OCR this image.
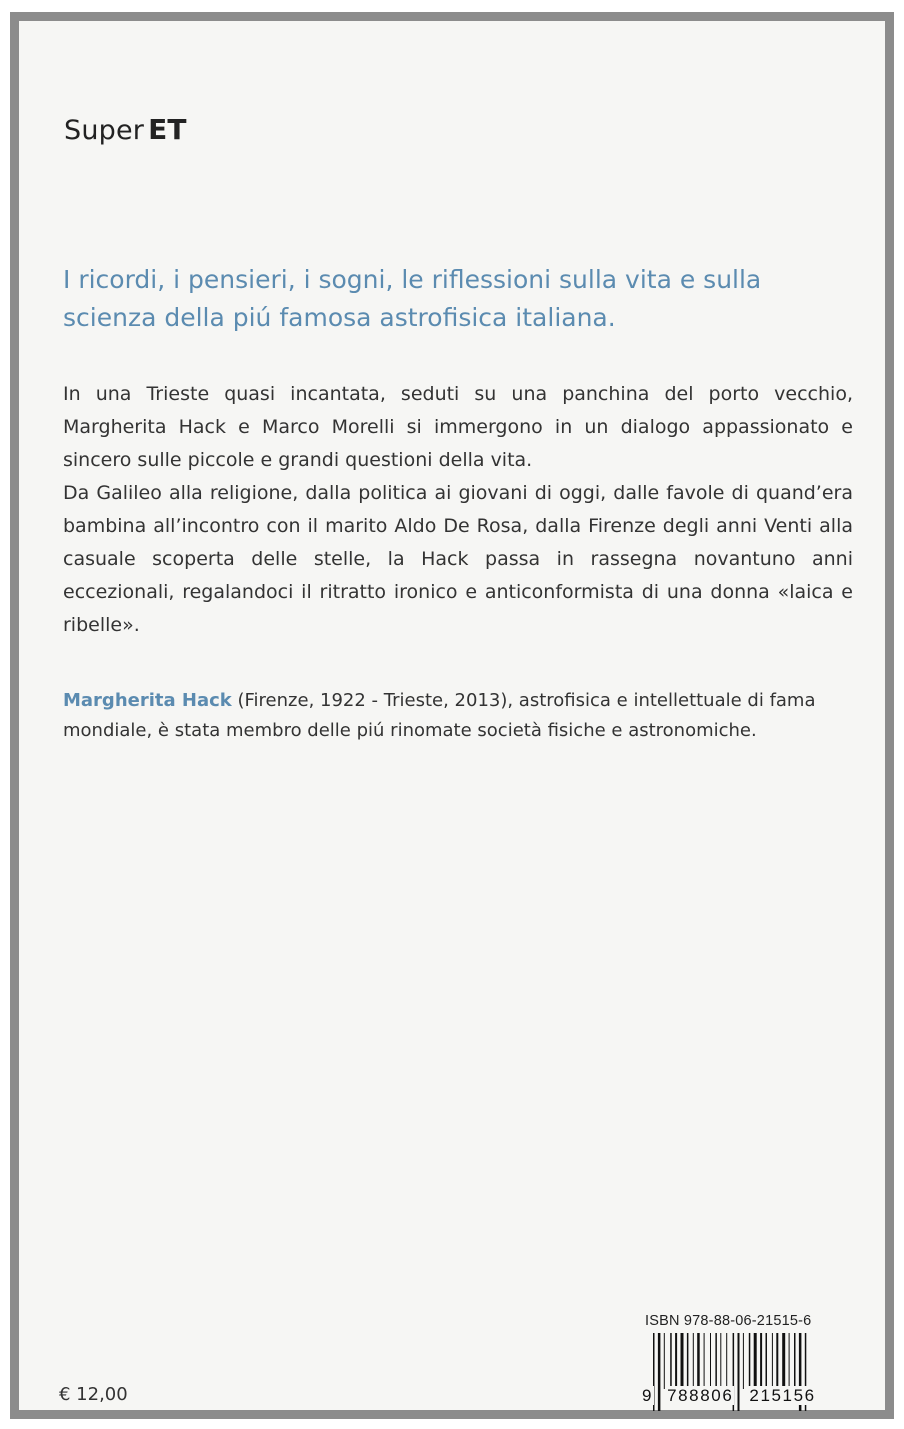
Super ET
I ricordi, i pensieri, i sogni, le riflessioni sulla vita e sulla scienza della piú famosa astrofisica italiana.

In una Trieste quasi incantata, seduti su una panchina del porto vecchio, Margherita Hack e Marco Morelli si immergono in un dialogo appassionato e sincero sulle piccole e grandi questioni della vita.

Da Galileo alla religione, dalla politica ai giovani di oggi, dalle favole di quand’era bambina all’incontro con il marito Aldo De Rosa, dalla Firenze degli anni Venti alla casuale scoperta delle stelle, la Hack passa in rassegna novantuno anni eccezionali, regalandoci il ritratto ironico e anticonformista di una donna «laica e ribelle».

Margherita Hack (Firenze, 1922 - Trieste, 2013), astrofisica e intellettuale di fama mondiale, è stata membro delle piú rinomate società fisiche e astronomiche.
€ 12,00
ISBN 978-88-06-21515-6
9 788806 215156
